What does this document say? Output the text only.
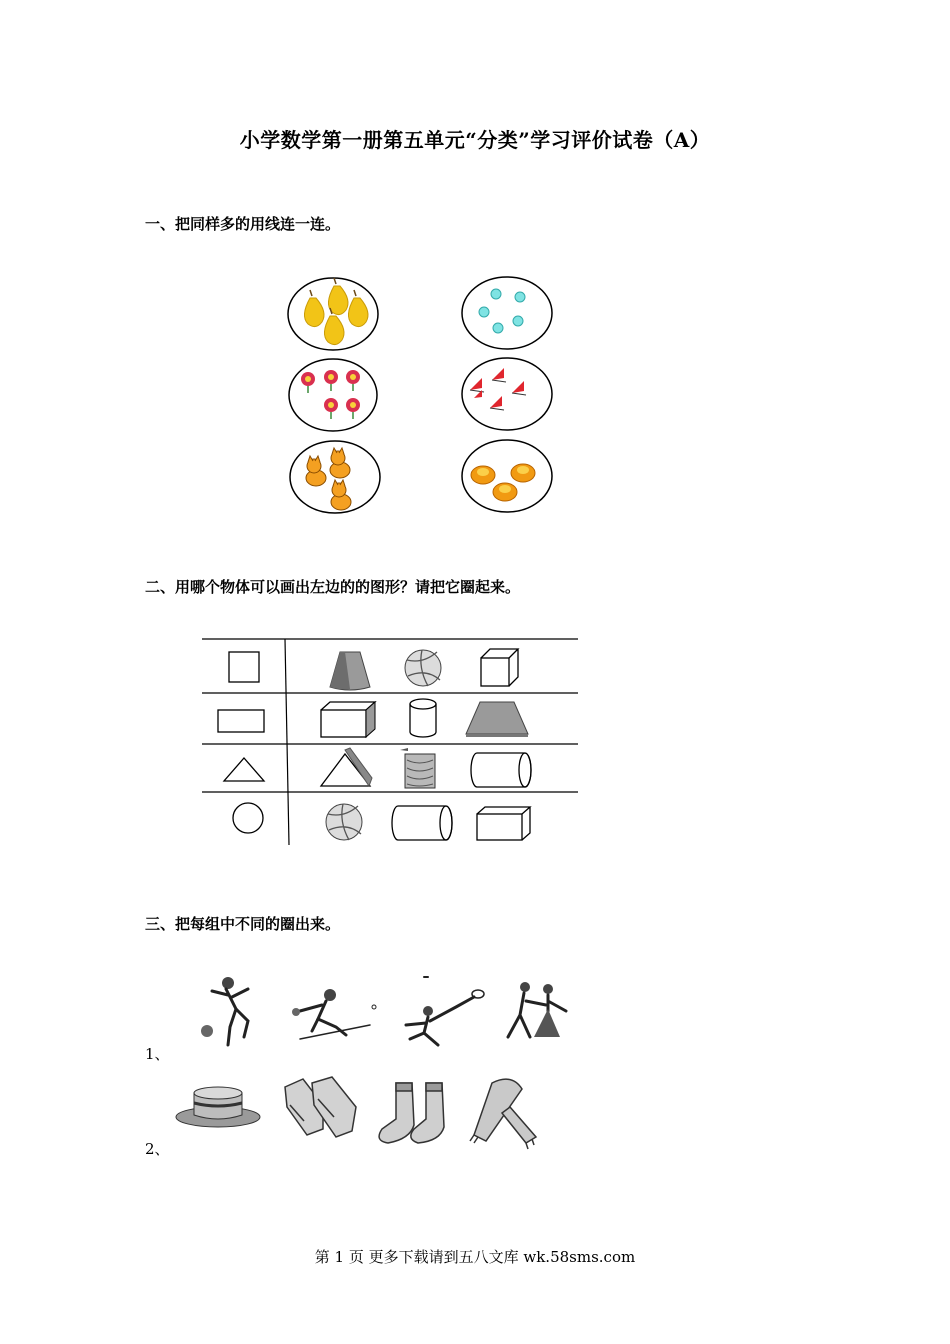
小学数学第一册第五单元“分类”学习评价试卷（A）
一、把同样多的用线连一连。
二、用哪个物体可以画出左边的的图形？请把它圈起来。
三、把每组中不同的圈出来。
1、
2、
第 1 页 更多下载请到五八文库 wk.58sms.com
